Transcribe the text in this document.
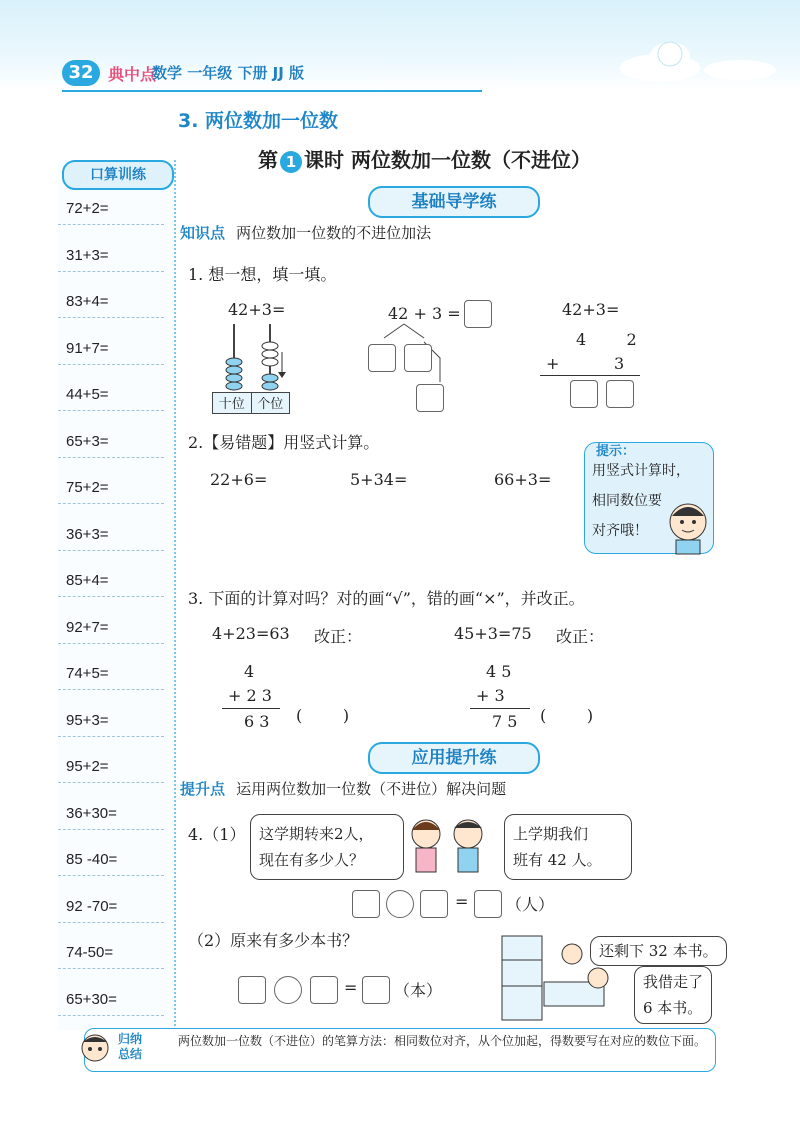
32 典中点
数学 一年级 下册 JJ 版
3. 两位数加一位数
第 1 课时 两位数加一位数（不进位）
72+2=
31+3=
83+4=
91+7=
44+5=
65+3=
75+2=
36+3=
85+4=
92+7=
74+5=
95+3=
95+2=
36+30=
85 -40=
92 -70=
74-50=
65+30=
口算训练
基础导学练
知识点 两位数加一位数的不进位加法
1. 想一想，填一填。
42+3=
十位 个位
42 + 3 =	42+3=
4    2
+	3
2.【易错题】用竖式计算。
22+6=	5+34=	66+3=
提示：
用竖式计算时，
相同数位要
对齐哦！
3. 下面的计算对吗？对的画“√”，错的画“×”，并改正。
4+23=63 改正：	45+3=75 改正：
4
+ 2 3
6 3 (        )
4 5
+ 3
7 5 (        )
应用提升练
提升点 运用两位数加一位数（不进位）解决问题
4.（1） 这学期转来2人，
现在有多少人？
上学期我们
班有 42 人。
= （人）
（2）原来有多少本书？
还剩下 32 本书。
我借走了
6 本书。
= （本）
归纳
总结
两位数加一位数（不进位）的笔算方法：相同数位对齐，从个位加起，得数要写在对应的数位下面。
